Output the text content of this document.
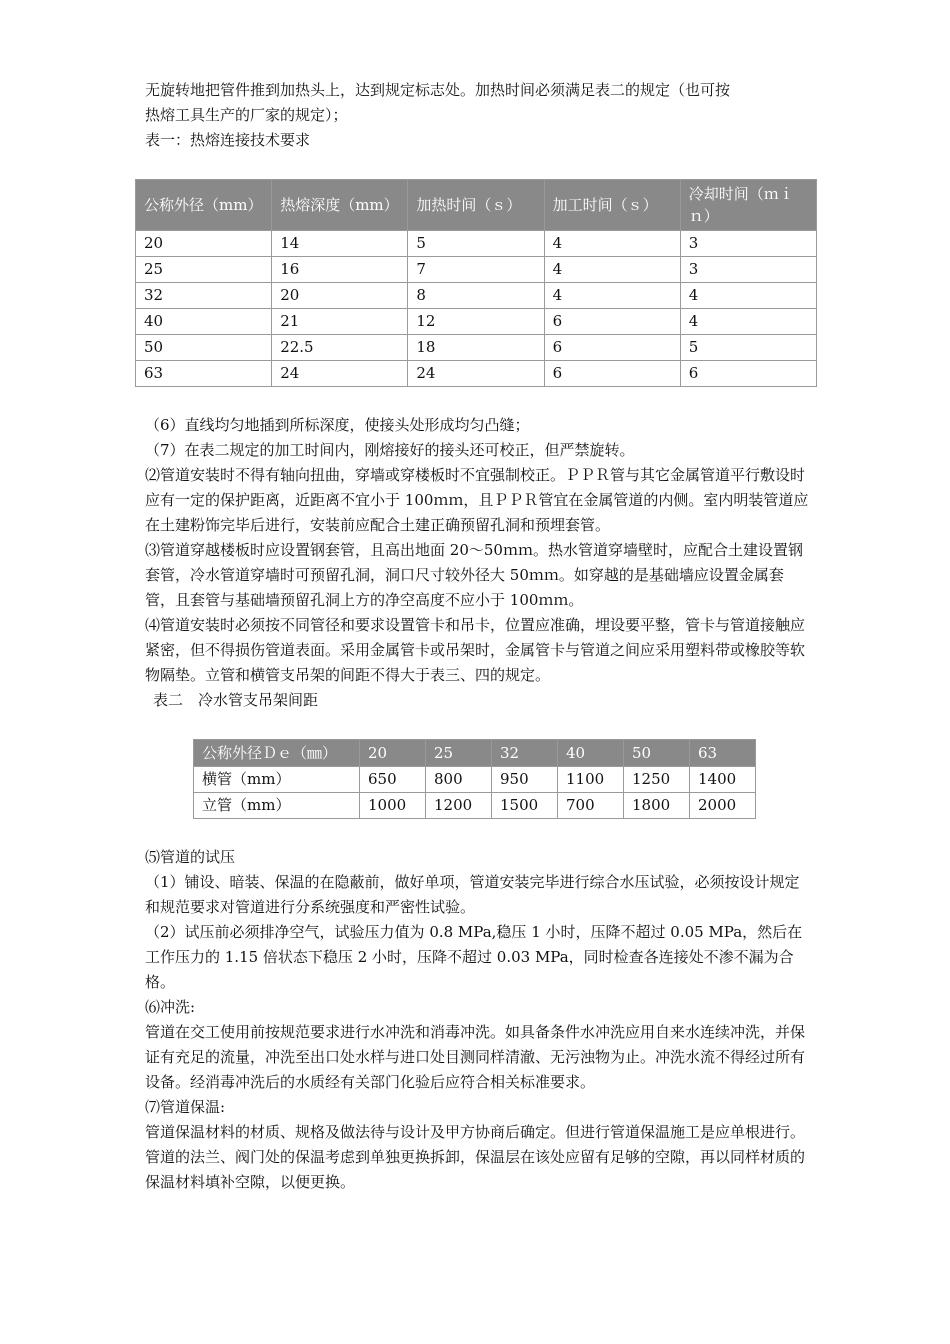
无旋转地把管件推到加热头上，达到规定标志处。加热时间必须满足表二的规定（也可按

热熔工具生产的厂家的规定）；

表一：热熔连接技术要求

公称外径（mm）	热熔深度（mm）	加热时间（ｓ）	加工时间（ｓ）	冷却时间（ｍｉｎ）
20	14	5	4	3
25	16	7	4	3
32	20	8	4	4
40	21	12	6	4
50	22.5	18	6	5
63	24	24	6	6

（6）直线均匀地插到所标深度，使接头处形成均匀凸缝；

（7）在表二规定的加工时间内，刚熔接好的接头还可校正，但严禁旋转。

⑵管道安装时不得有轴向扭曲，穿墙或穿楼板时不宜强制校正。ＰＰＲ管与其它金属管道平行敷设时应有一定的保护距离，近距离不宜小于 100ｍｍ，且ＰＰＲ管宜在金属管道的内侧。室内明装管道应在土建粉饰完毕后进行，安装前应配合土建正确预留孔洞和预埋套管。

⑶管道穿越楼板时应设置钢套管，且高出地面 20～50ｍｍ。热水管道穿墙壁时，应配合土建设置钢套管，冷水管道穿墙时可预留孔洞，洞口尺寸较外径大 50ｍｍ。如穿越的是基础墙应设置金属套管，且套管与基础墙预留孔洞上方的净空高度不应小于 100ｍｍ。

⑷管道安装时必须按不同管径和要求设置管卡和吊卡，位置应准确，埋设要平整，管卡与管道接触应紧密，但不得损伤管道表面。采用金属管卡或吊架时，金属管卡与管道之间应采用塑料带或橡胶等软物隔垫。立管和横管支吊架的间距不得大于表三、四的规定。

表二　冷水管支吊架间距

公称外径Ｄｅ（㎜）	20	25	32	40	50	63
横管（mm）	650	800	950	1100	1250	1400
立管（mm）	1000	1200	1500	700	1800	2000

⑸管道的试压

（1）铺设、暗装、保温的在隐蔽前，做好单项，管道安装完毕进行综合水压试验，必须按设计规定和规范要求对管道进行分系统强度和严密性试验。

（2）试压前必须排净空气，试验压力值为 0.8 MPa,稳压 1 小时，压降不超过 0.05 MPa，然后在工作压力的 1.15 倍状态下稳压 2 小时，压降不超过 0.03 MPa，同时检查各连接处不渗不漏为合格。

⑹冲洗:

管道在交工使用前按规范要求进行水冲洗和消毒冲洗。如具备条件水冲洗应用自来水连续冲洗，并保证有充足的流量，冲洗至出口处水样与进口处目测同样清澈、无污浊物为止。冲洗水流不得经过所有设备。经消毒冲洗后的水质经有关部门化验后应符合相关标准要求。

⑺管道保温:

管道保温材料的材质、规格及做法待与设计及甲方协商后确定。但进行管道保温施工是应单根进行。管道的法兰、阀门处的保温考虑到单独更换拆卸，保温层在该处应留有足够的空隙，再以同样材质的保温材料填补空隙，以便更换。
